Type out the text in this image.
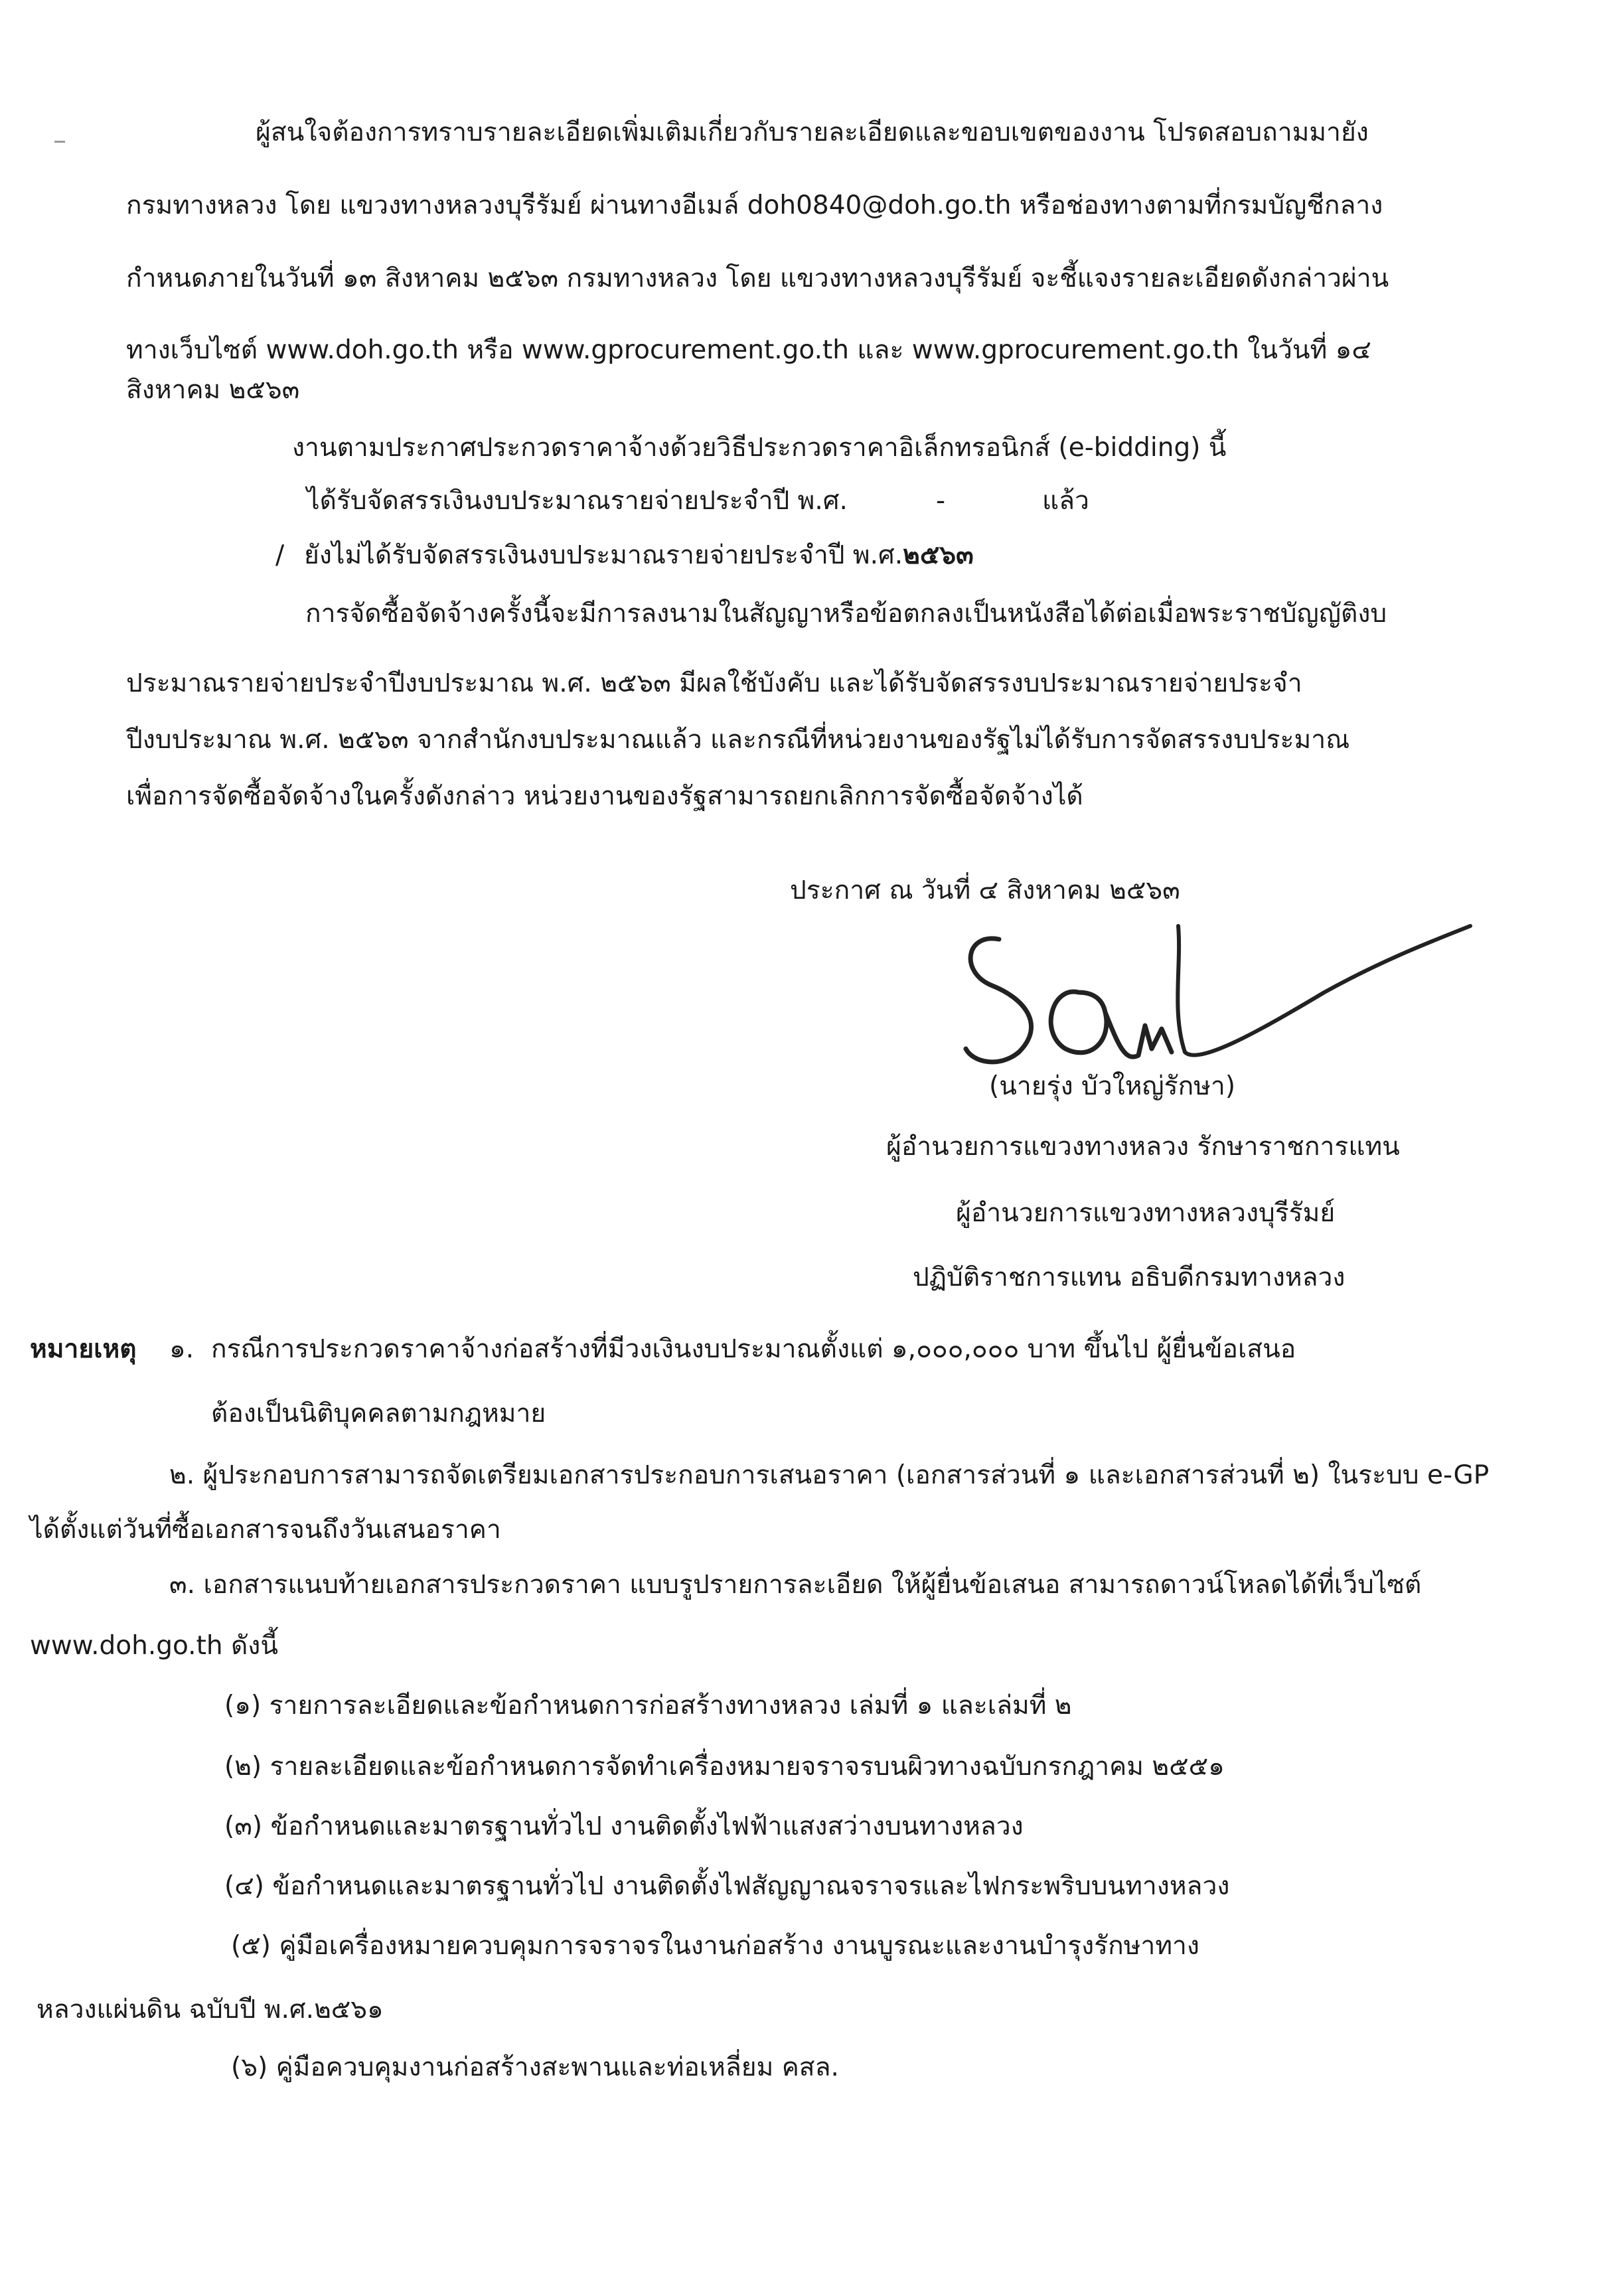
ผู้สนใจต้องการทราบรายละเอียดเพิ่มเติมเกี่ยวกับรายละเอียดและขอบเขตของงาน โปรดสอบถามมายัง
กรมทางหลวง โดย แขวงทางหลวงบุรีรัมย์ ผ่านทางอีเมล์ doh0840@doh.go.th หรือช่องทางตามที่กรมบัญชีกลาง
กำหนดภายในวันที่ ๑๓ สิงหาคม ๒๕๖๓ กรมทางหลวง โดย แขวงทางหลวงบุรีรัมย์ จะชี้แจงรายละเอียดดังกล่าวผ่าน
ทางเว็บไซต์ www.doh.go.th หรือ www.gprocurement.go.th และ www.gprocurement.go.th ในวันที่ ๑๔
สิงหาคม ๒๕๖๓
งานตามประกาศประกวดราคาจ้างด้วยวิธีประกวดราคาอิเล็กทรอนิกส์ (e-bidding) นี้
ได้รับจัดสรรเงินงบประมาณรายจ่ายประจำปี พ.ศ.	-	แล้ว
/ ยังไม่ได้รับจัดสรรเงินงบประมาณรายจ่ายประจำปี พ.ศ.๒๕๖๓
การจัดซื้อจัดจ้างครั้งนี้จะมีการลงนามในสัญญาหรือข้อตกลงเป็นหนังสือได้ต่อเมื่อพระราชบัญญัติงบ
ประมาณรายจ่ายประจำปีงบประมาณ พ.ศ. ๒๕๖๓ มีผลใช้บังคับ และได้รับจัดสรรงบประมาณรายจ่ายประจำ
ปีงบประมาณ พ.ศ. ๒๕๖๓ จากสำนักงบประมาณแล้ว และกรณีที่หน่วยงานของรัฐไม่ได้รับการจัดสรรงบประมาณ
เพื่อการจัดซื้อจัดจ้างในครั้งดังกล่าว หน่วยงานของรัฐสามารถยกเลิกการจัดซื้อจัดจ้างได้
ประกาศ ณ วันที่ ๔ สิงหาคม ๒๕๖๓
(นายรุ่ง บัวใหญ่รักษา)
ผู้อำนวยการแขวงทางหลวง รักษาราชการแทน
ผู้อำนวยการแขวงทางหลวงบุรีรัมย์
ปฏิบัติราชการแทน อธิบดีกรมทางหลวง
หมายเหตุ ๑. กรณีการประกวดราคาจ้างก่อสร้างที่มีวงเงินงบประมาณตั้งแต่ ๑,๐๐๐,๐๐๐ บาท ขึ้นไป ผู้ยื่นข้อเสนอ
ต้องเป็นนิติบุคคลตามกฎหมาย
๒. ผู้ประกอบการสามารถจัดเตรียมเอกสารประกอบการเสนอราคา (เอกสารส่วนที่ ๑ และเอกสารส่วนที่ ๒) ในระบบ e-GP
ได้ตั้งแต่วันที่ซื้อเอกสารจนถึงวันเสนอราคา
๓. เอกสารแนบท้ายเอกสารประกวดราคา แบบรูปรายการละเอียด ให้ผู้ยื่นข้อเสนอ สามารถดาวน์โหลดได้ที่เว็บไซต์
www.doh.go.th ดังนี้
(๑) รายการละเอียดและข้อกำหนดการก่อสร้างทางหลวง เล่มที่ ๑ และเล่มที่ ๒
(๒) รายละเอียดและข้อกำหนดการจัดทำเครื่องหมายจราจรบนผิวทางฉบับกรกฎาคม ๒๕๕๑
(๓) ข้อกำหนดและมาตรฐานทั่วไป งานติดตั้งไฟฟ้าแสงสว่างบนทางหลวง
(๔) ข้อกำหนดและมาตรฐานทั่วไป งานติดตั้งไฟสัญญาณจราจรและไฟกระพริบบนทางหลวง
(๕) คู่มือเครื่องหมายควบคุมการจราจรในงานก่อสร้าง งานบูรณะและงานบำรุงรักษาทาง
หลวงแผ่นดิน ฉบับปี พ.ศ.๒๕๖๑
(๖) คู่มือควบคุมงานก่อสร้างสะพานและท่อเหลี่ยม คสล.
